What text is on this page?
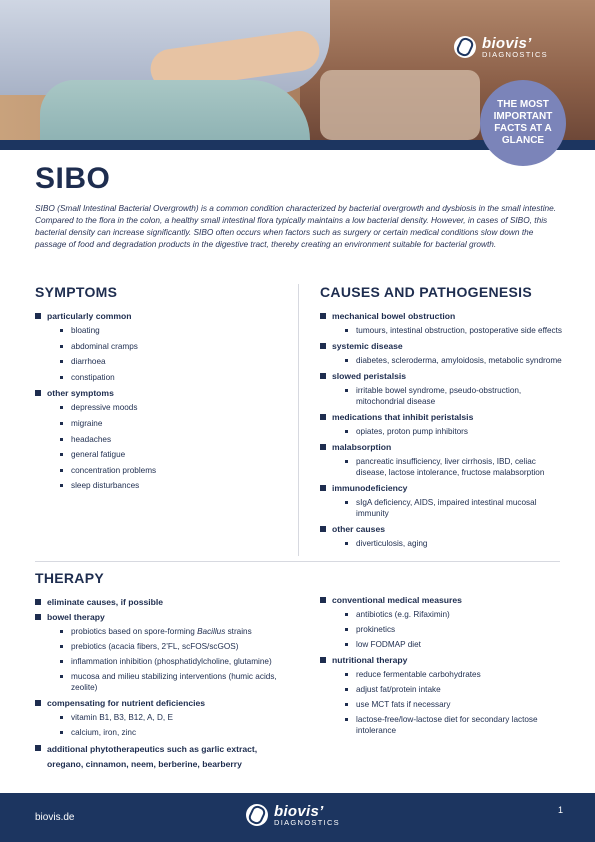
biovis’
DIAGNOSTICS
THE MOST IMPORTANT FACTS AT A GLANCE
SIBO

SIBO (Small Intestinal Bacterial Overgrowth) is a common condition characterized by bacterial overgrowth and dysbiosis in the small intestine. Compared to the flora in the colon, a healthy small intestinal flora typically maintains a low bacterial density. However, in cases of SIBO, this bacterial density can increase significantly. SIBO often occurs when factors such as surgery or certain medical conditions slow down the passage of food and degradation products in the digestive tract, thereby creating an environment suitable for bacterial growth.

SYMPTOMS
particularly common
bloating
abdominal cramps
diarrhoea
constipation
other symptoms
depressive moods
migraine
headaches
general fatigue
concentration problems
sleep disturbances
CAUSES AND PATHOGENESIS
mechanical bowel obstruction
tumours, intestinal obstruction, postoperative side effects
systemic disease
diabetes, scleroderma, amyloidosis, metabolic syndrome
slowed peristalsis
irritable bowel syndrome, pseudo-obstruction, mitochondrial disease
medications that inhibit peristalsis
opiates, proton pump inhibitors
malabsorption
pancreatic insufficiency, liver cirrhosis, IBD, celiac disease, lactose intolerance, fructose malabsorption
immunodeficiency
sIgA deficiency, AIDS, impaired intestinal mucosal immunity
other causes
diverticulosis, aging
THERAPY
eliminate causes, if possible
bowel therapy
probiotics based on spore-forming Bacillus strains
prebiotics (acacia fibers, 2’FL, scFOS/scGOS)
inflammation inhibition (phosphatidylcholine, glutamine)
mucosa and milieu stabilizing interventions (humic acids, zeolite)
compensating for nutrient deficiencies
vitamin B1, B3, B12, A, D, E
calcium, iron, zinc
additional phytotherapeutics such as garlic extract, oregano, cinnamon, neem, berberine, bearberry
conventional medical measures
antibiotics (e.g. Rifaximin)
prokinetics
low FODMAP diet
nutritional therapy
reduce fermentable carbohydrates
adjust fat/protein intake
use MCT fats if necessary
lactose-free/low-lactose diet for secondary lactose intolerance
biovis.de	biovis’
DIAGNOSTICS
1
